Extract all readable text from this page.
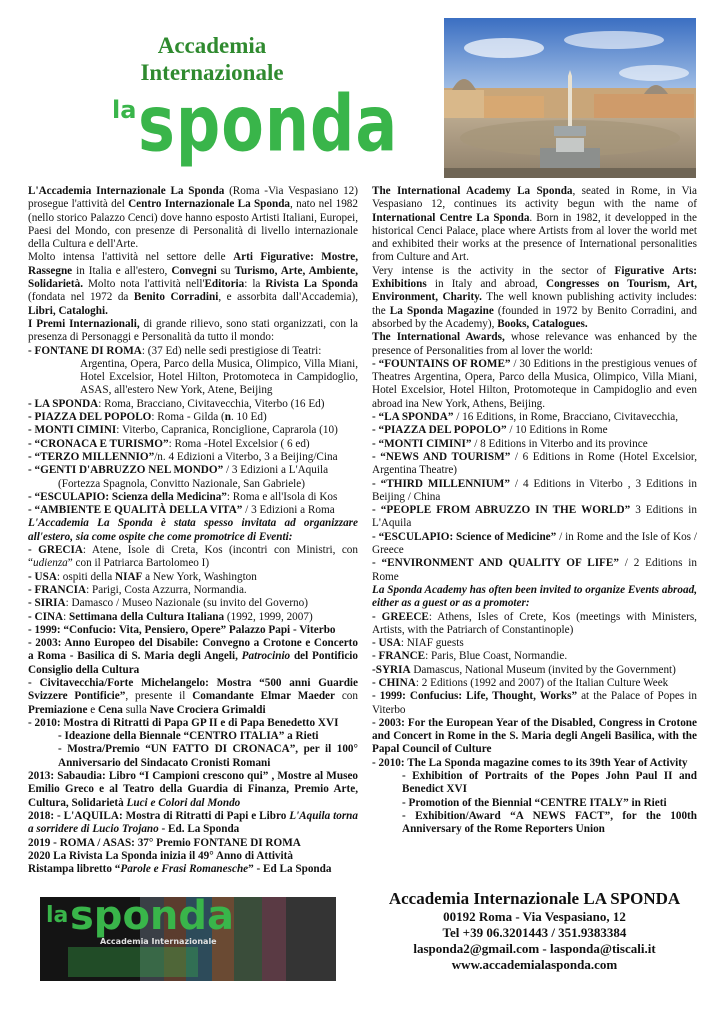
Accademia
Internazionale
la sponda

L'Accademia Internazionale La Sponda (Roma -Via Vespasiano 12) prosegue l'attività del Centro Internazionale La Sponda, nato nel 1982 (nello storico Palazzo Cenci) dove hanno esposto Artisti Italiani, Europei, Paesi del Mondo, con presenze di Personalità di livello internazionale della Cultura e dell'Arte.

Molto intensa l'attività nel settore delle Arti Figurative: Mostre, Rassegne in Italia e all'estero, Convegni su Turismo, Arte, Ambiente, Solidarietà. Molto nota l'attività nell'Editoria: la Rivista La Sponda (fondata nel 1972 da Benito Corradini, e assorbita dall'Accademia), Libri, Cataloghi.

I Premi Internazionali, di grande rilievo, sono stati organizzati, con la presenza di Personaggi e Personalità da tutto il mondo:

- FONTANE DI ROMA: (37 Ed) nelle sedi prestigiose di Teatri:
Argentina, Opera, Parco della Musica, Olimpico, Villa Miani, Hotel Excelsior, Hotel Hilton, Protomoteca in Campidoglio, ASAS, all'estero New York, Atene, Beijing
- LA SPONDA: Roma, Bracciano, Civitavecchia, Viterbo (16 Ed)
- PIAZZA DEL POPOLO: Roma - Gilda (n. 10 Ed)
- MONTI CIMINI: Viterbo, Capranica, Ronciglione, Caprarola (10)
- “CRONACA E TURISMO”: Roma -Hotel Excelsior ( 6 ed)
- “TERZO MILLENNIO”/n. 4 Edizioni a Viterbo, 3 a Beijing/Cina
- “GENTI D'ABRUZZO NEL MONDO” / 3 Edizioni a L'Aquila
(Fortezza Spagnola, Convitto Nazionale, San Gabriele)
- “ESCULAPIO: Scienza della Medicina”: Roma e all'Isola di Kos
- “AMBIENTE E QUALITÀ DELLA VITA” / 3 Edizioni a Roma
L'Accademia La Sponda è stata spesso invitata ad organizzare all'estero, sia come ospite che come promotrice di Eventi:
- GRECIA: Atene, Isole di Creta, Kos (incontri con Ministri, con “udienza” con il Patriarca Bartolomeo I)
- USA: ospiti della NIAF a New York, Washington
- FRANCIA: Parigi, Costa Azzurra, Normandia.
- SIRIA: Damasco / Museo Nazionale (su invito del Governo)
- CINA: Settimana della Cultura Italiana (1992, 1999, 2007)
- 1999: “Confucio: Vita, Pensiero, Opere” Palazzo Papi - Viterbo
- 2003: Anno Europeo del Disabile: Convegno a Crotone e Concerto a Roma - Basilica di S. Maria degli Angeli, Patrocinio del Pontificio Consiglio della Cultura
- Civitavecchia/Forte Michelangelo: Mostra “500 anni Guardie Svizzere Pontificie”, presente il Comandante Elmar Maeder con Premiazione e Cena sulla Nave Crociera Grimaldi
- 2010: Mostra di Ritratti di Papa GP II e di Papa Benedetto XVI
- Ideazione della Biennale “CENTRO ITALIA” a Rieti
- Mostra/Premio “UN FATTO DI CRONACA”, per il 100° Anniversario del Sindacato Cronisti Romani
2013: Sabaudia: Libro “I Campioni crescono qui” , Mostre al Museo Emilio Greco e al Teatro della Guardia di Finanza, Premio Arte, Cultura, Solidarietà Luci e Colori dal Mondo
2018: - L'AQUILA: Mostra di Ritratti di Papi e Libro L'Aquila torna a sorridere di Lucio Trojano - Ed. La Sponda
2019 - ROMA / ASAS: 37° Premio FONTANE DI ROMA
2020 La Rivista La Sponda inizia il 49° Anno di Attività
Ristampa libretto “Parole e Frasi Romanesche” - Ed La Sponda

The International Academy La Sponda, seated in Rome, in Via Vespasiano 12, continues its activity begun with the name of International Centre La Sponda. Born in 1982, it developped in the historical Cenci Palace, place where Artists from al lover the world met and exhibited their works at the presence of International personalities from Culture and Art.

Very intense is the activity in the sector of Figurative Arts: Exhibitions in Italy and abroad, Congresses on Tourism, Art, Environment, Charity. The well known publishing activity includes: the La Sponda Magazine (founded in 1972 by Benito Corradini, and absorbed by the Academy), Books, Catalogues.

The International Awards, whose relevance was enhanced by the presence of Personalities from al lover the world:

- “FOUNTAINS OF ROME” / 30 Editions in the prestigious venues of Theatres Argentina, Opera, Parco della Musica, Olimpico, Villa Miani, Hotel Excelsior, Hotel Hilton, Protomoteque in Campidoglio and even abroad ina New York, Athens, Beijing.
- “LA SPONDA” / 16 Editions, in Rome, Bracciano, Civitavecchia,
- “PIAZZA DEL POPOLO” / 10 Editions in Rome
- “MONTI CIMINI” / 8 Editions in Viterbo and its province
- “NEWS AND TOURISM” / 6 Editions in Rome (Hotel Excelsior, Argentina Theatre)
- “THIRD MILLENNIUM” / 4 Editions in Viterbo , 3 Editions in Beijing / China
- “PEOPLE FROM ABRUZZO IN THE WORLD” 3 Editions in L'Aquila
- “ESCULAPIO: Science of Medicine” / in Rome and the Isle of Kos / Greece
- “ENVIRONMENT AND QUALITY OF LIFE” / 2 Editions in Rome
La Sponda Academy has often been invited to organize Events abroad, either as a guest or as a promoter:
- GREECE: Athens, Isles of Crete, Kos (meetings with Ministers, Artists, with the Patriarch of Constantinople)
- USA: NIAF guests
- FRANCE: Paris, Blue Coast, Normandie.
-SYRIA Damascus, National Museum (invited by the Government)
- CHINA: 2 Editions (1992 and 2007) of the Italian Culture Week
- 1999: Confucius: Life, Thought, Works” at the Palace of Popes in Viterbo
- 2003: For the European Year of the Disabled, Congress in Crotone and Concert in Rome in the S. Maria degli Angeli Basilica, with the Papal Council of Culture
- 2010: The La Sponda magazine comes to its 39th Year of Activity
- Exhibition of Portraits of the Popes John Paul II and Benedict XVI
- Promotion of the Biennial “CENTRE ITALY” in Rieti
- Exhibition/Award “A NEWS FACT”, for the 100th Anniversary of the Rome Reporters Union
la sponda
Accademia Internazionale
Accademia Internazionale LA SPONDA
00192 Roma - Via Vespasiano, 12
Tel +39 06.3201443 / 351.9383384
lasponda2@gmail.com - lasponda@tiscali.it
www.accademialasponda.com
